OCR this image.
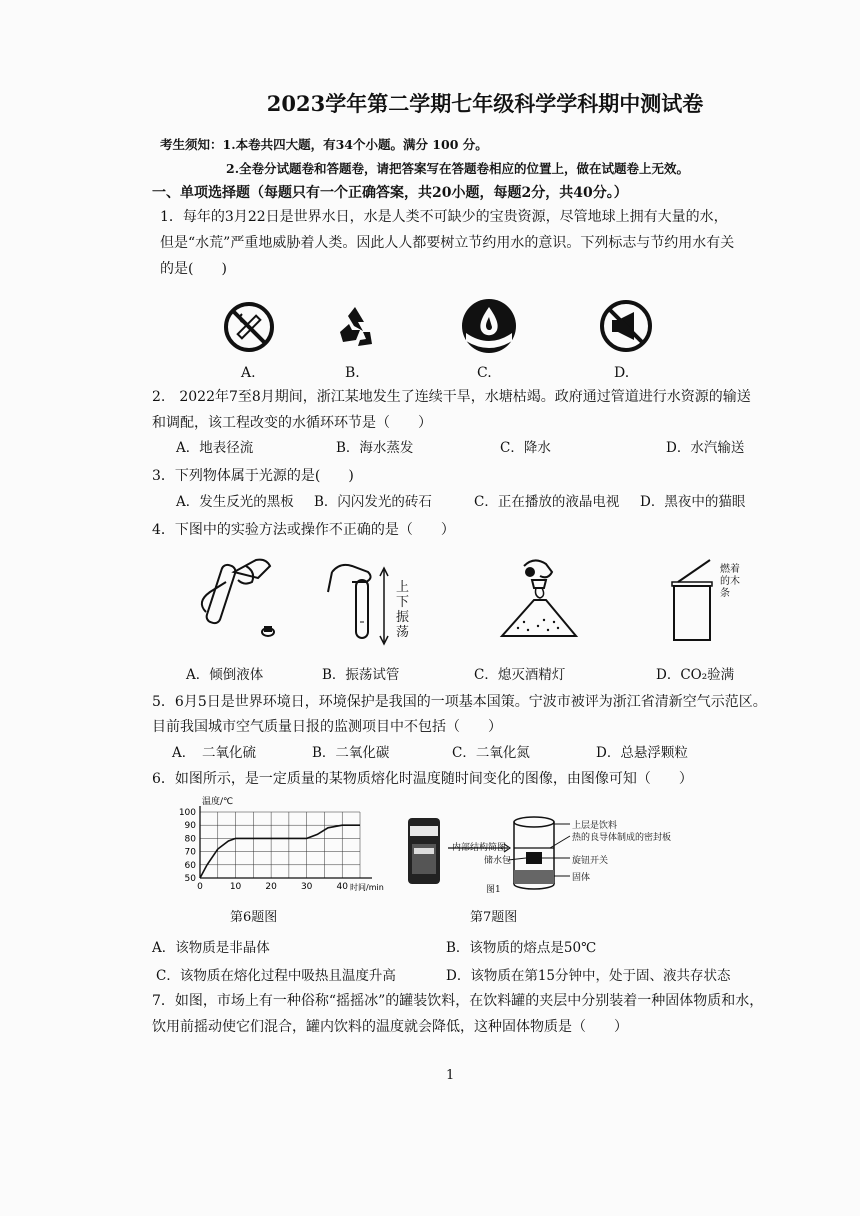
2023学年第二学期七年级科学学科期中测试卷
考生须知：1.本卷共四大题，有34个小题。满分 100 分。
2.全卷分试题卷和答题卷，请把答案写在答题卷相应的位置上，做在试题卷上无效。
一、单项选择题（每题只有一个正确答案，共20小题，每题2分，共40分。）
1．每年的3月22日是世界水日，水是人类不可缺少的宝贵资源，尽管地球上拥有大量的水，
但是“水荒”严重地威胁着人类。因此人人都要树立节约用水的意识。下列标志与节约用水有关
的是(　　)
A.	B.	C.	D.
2.　2022年7至8月期间，浙江某地发生了连续干旱，水塘枯竭。政府通过管道进行水资源的输送
和调配，该工程改变的水循环环节是（　　）
A．地表径流	B．海水蒸发	C．降水	D．水汽输送
3．下列物体属于光源的是(　　)
A．发生反光的黑板 B．闪闪发光的砖石	C．正在播放的液晶电视 D．黑夜中的猫眼
4．下图中的实验方法或操作不正确的是（　　）
上
下
振
荡
燃着
的木
条
A．倾倒液体	B．振荡试管	C．熄灭酒精灯	D．CO₂验满
5．6月5日是世界环境日，环境保护是我国的一项基本国策。宁波市被评为浙江省清新空气示范区。
目前我国城市空气质量日报的监测项目中不包括（　　）
A．　二氧化硫	B．二氧化碳	C．二氧化氮	D．总悬浮颗粒
6．如图所示，是一定质量的某物质熔化时温度随时间变化的图像，由图像可知（　　）
0	10	20	30	40
50
60
70
80
90
100
温度/℃
时间/min
第6题图
内部结构简图
上层是饮料
热的良导体制成的密封板
储水包	旋钮开关
固体
图1
第7题图
A．该物质是非晶体	B．该物质的熔点是50℃
C．该物质在熔化过程中吸热且温度升高	D．该物质在第15分钟中，处于固、液共存状态
7．如图，市场上有一种俗称“摇摇冰”的罐装饮料，在饮料罐的夹层中分别装着一种固体物质和水，
饮用前摇动使它们混合，罐内饮料的温度就会降低，这种固体物质是（　　）
1
